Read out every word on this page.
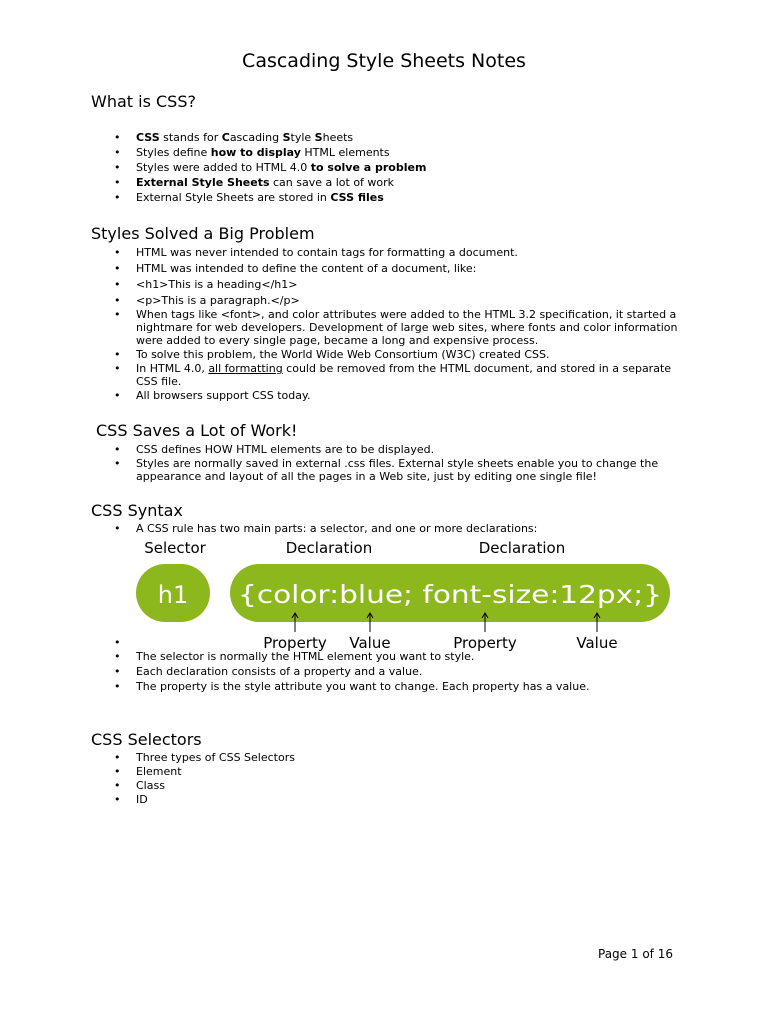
Cascading Style Sheets Notes
What is CSS?
• CSS stands for Cascading Style Sheets
• Styles define how to display HTML elements
• Styles were added to HTML 4.0 to solve a problem
• External Style Sheets can save a lot of work
• External Style Sheets are stored in CSS files
Styles Solved a Big Problem
• HTML was never intended to contain tags for formatting a document.
• HTML was intended to define the content of a document, like:
• <h1>This is a heading</h1>
• <p>This is a paragraph.</p>
• When tags like <font>, and color attributes were added to the HTML 3.2 specification, it started a nightmare for web developers. Development of large web sites, where fonts and color information were added to every single page, became a long and expensive process.
• To solve this problem, the World Wide Web Consortium (W3C) created CSS.
• In HTML 4.0, all formatting could be removed from the HTML document, and stored in a separate CSS file.
• All browsers support CSS today.
CSS Saves a Lot of Work!
• CSS defines HOW HTML elements are to be displayed.
• Styles are normally saved in external .css files. External style sheets enable you to change the appearance and layout of all the pages in a Web site, just by editing one single file!
CSS Syntax
• A CSS rule has two main parts: a selector, and one or more declarations:
Selector	Declaration	Declaration
h1 {color:blue; font-size:12px;}
Property Value	Property	Value
•
• The selector is normally the HTML element you want to style.
• Each declaration consists of a property and a value.
• The property is the style attribute you want to change. Each property has a value.
CSS Selectors
• Three types of CSS Selectors
• Element
• Class
• ID
Page 1 of 16
